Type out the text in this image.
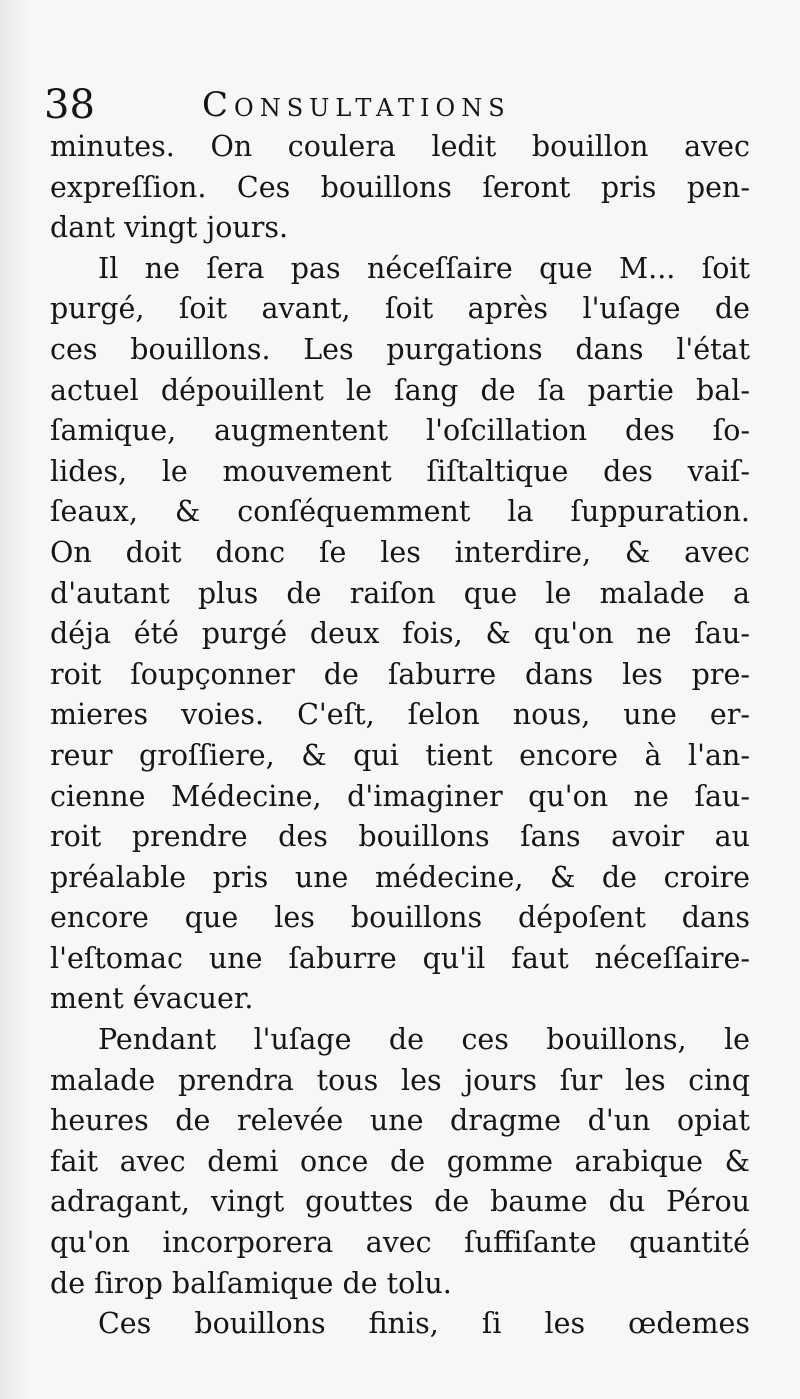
38	Consultations
minutes. On coulera ledit bouillon avec
expreſſion. Ces bouillons ſeront pris pen-
dant vingt jours.
Il ne ſera pas néceſſaire que M... ſoit
purgé, ſoit avant, ſoit après l'uſage de
ces bouillons. Les purgations dans l'état
actuel dépouillent le ſang de ſa partie bal-
ſamique, augmentent l'oſcillation des ſo-
lides, le mouvement ſiſtaltique des vaiſ-
ſeaux, & conſéquemment la ſuppuration.
On doit donc ſe les interdire, & avec
d'autant plus de raiſon que le malade a
déja été purgé deux fois, & qu'on ne ſau-
roit ſoupçonner de ſaburre dans les pre-
mieres voies. C'eſt, ſelon nous, une er-
reur groſſiere, & qui tient encore à l'an-
cienne Médecine, d'imaginer qu'on ne ſau-
roit prendre des bouillons ſans avoir au
préalable pris une médecine, & de croire
encore que les bouillons dépoſent dans
l'eſtomac une ſaburre qu'il faut néceſſaire-
ment évacuer.
Pendant l'uſage de ces bouillons, le
malade prendra tous les jours ſur les cinq
heures de relevée une dragme d'un opiat
fait avec demi once de gomme arabique &
adragant, vingt gouttes de baume du Pérou
qu'on incorporera avec ſuffiſante quantité
de ſirop balſamique de tolu.
Ces bouillons finis, ſi les œdemes
